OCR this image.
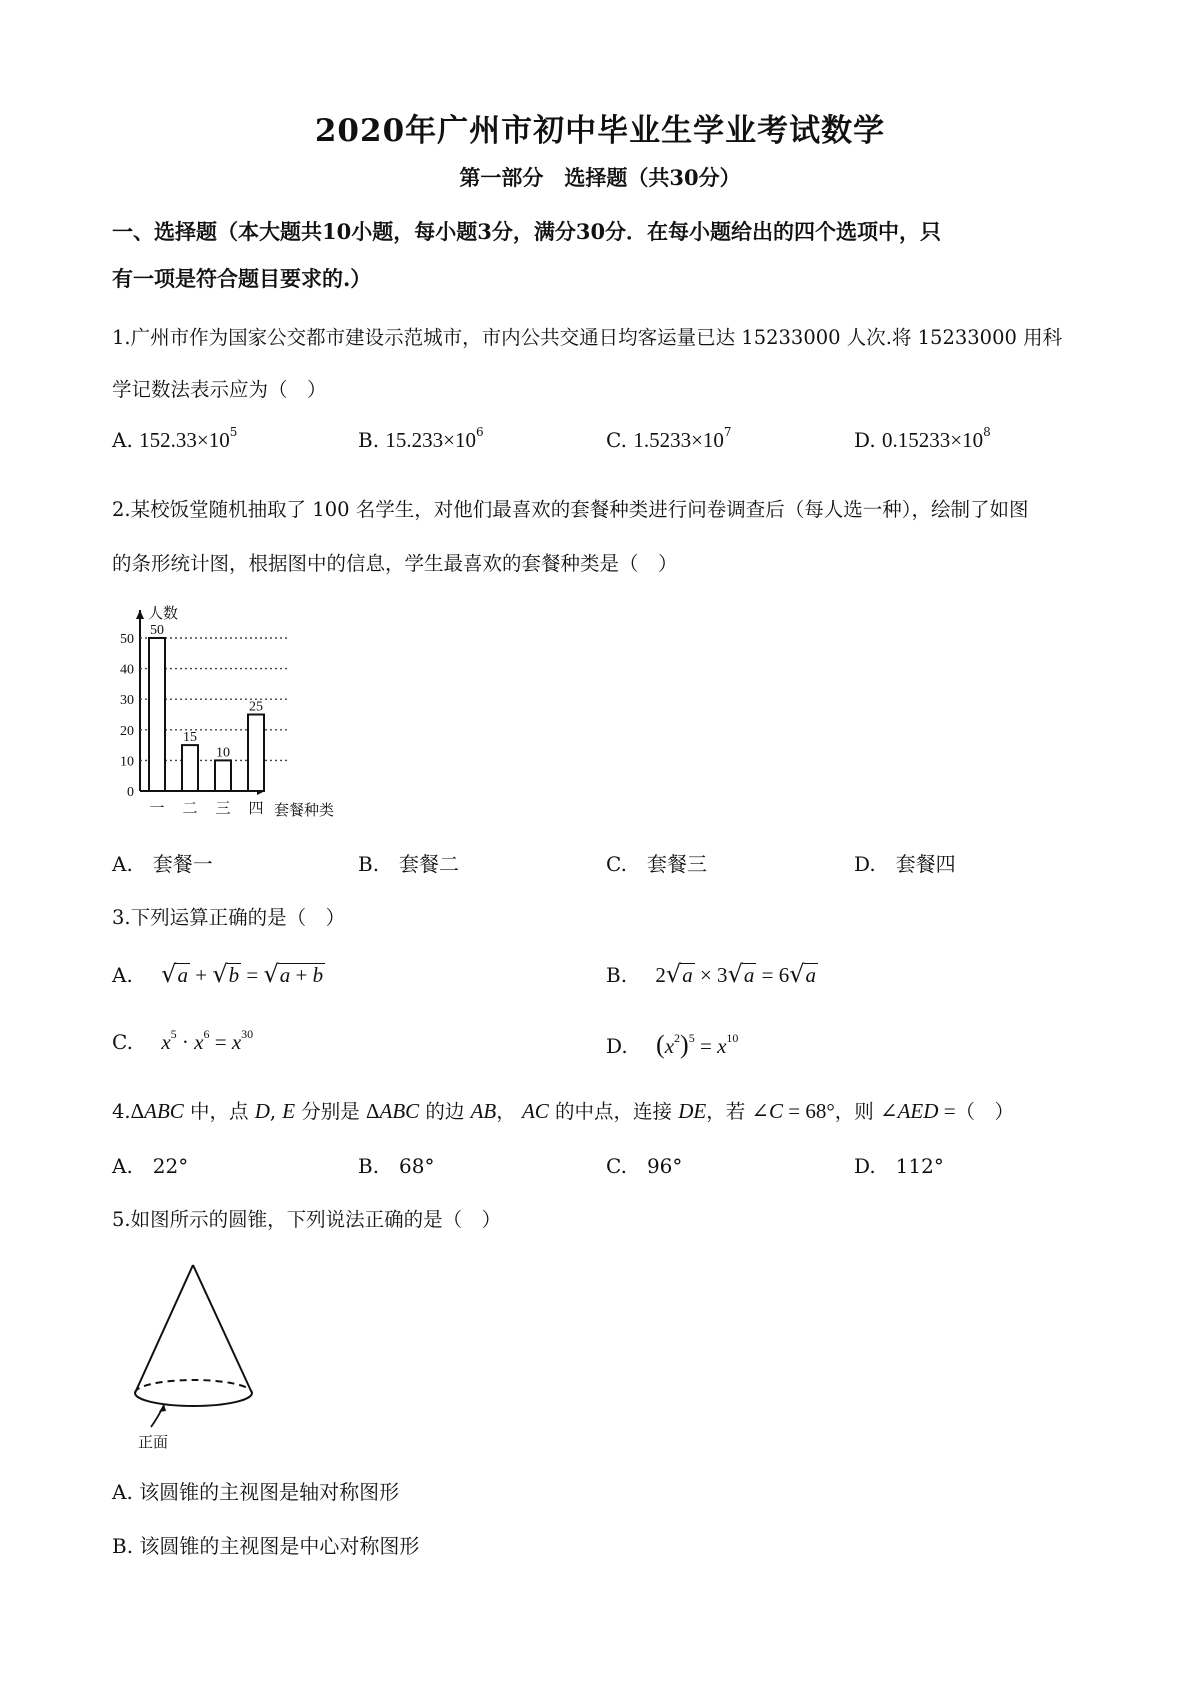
2020年广州市初中毕业生学业考试数学
第一部分　选择题（共30分）
一、选择题（本大题共10小题，每小题3分，满分30分．在每小题给出的四个选项中，只
有一项是符合题目要求的.）
1.广州市作为国家公交都市建设示范城市，市内公共交通日均客运量已达 15233000 人次.将 15233000 用科
学记数法表示应为（　）
A. $152.33\times 10^5$	B. $15.233\times 10^6$	C. $1.5233\times 10^7$	D. $0.15233\times 10^8$
2.某校饭堂随机抽取了 100 名学生，对他们最喜欢的套餐种类进行问卷调查后（每人选一种），绘制了如图
的条形统计图，根据图中的信息，学生最喜欢的套餐种类是（　）
人数
0
10
20
30
40
50
50
一
15
二
10
三
25
四 套餐种类
A.　套餐一	B.　套餐二	C.　套餐三	D.　套餐四
3.下列运算正确的是（　）
A. √a + √b = √a + b	B. 2√a × 3√a = 6√a
C. $x^5 \cdot x^6 = x^{30}$	D. $(x^2)^5 = x^{10}$
4.ΔABC 中，点 D, E 分别是 ΔABC 的边 AB， AC 的中点，连接 DE，若 ∠C = 68°，则 ∠AED =（　）
A.　22°	B.　68°	C.　96°	D.　112°
5.如图所示的圆锥，下列说法正确的是（　）
正面
A. 该圆锥的主视图是轴对称图形
B. 该圆锥的主视图是中心对称图形
